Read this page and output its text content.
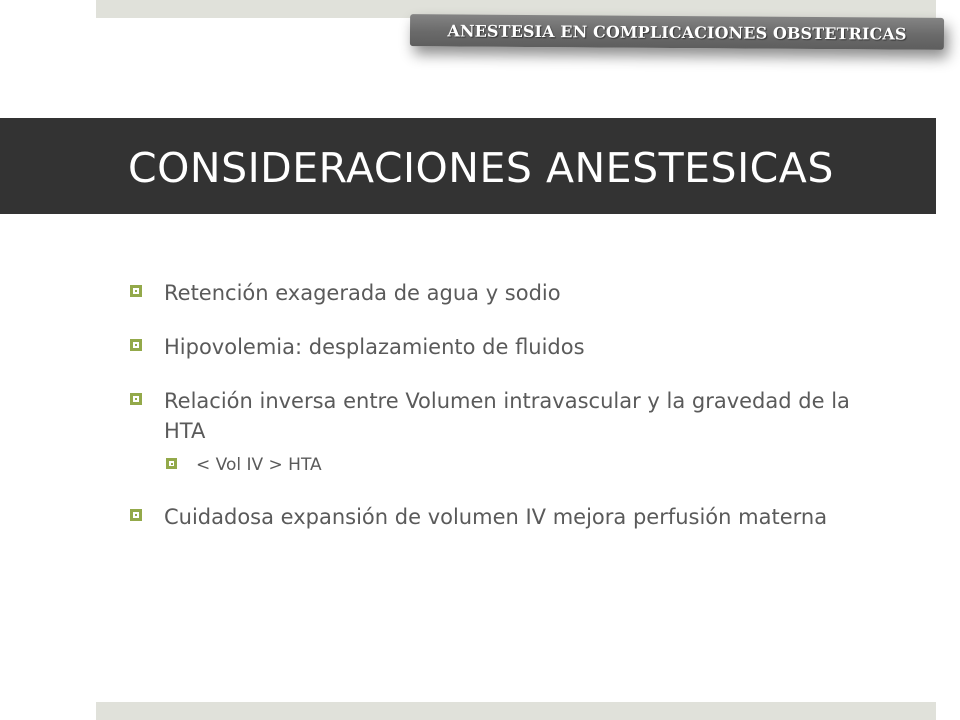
ANESTESIA EN COMPLICACIONES OBSTETRICAS
CONSIDERACIONES ANESTESICAS
Retención exagerada de agua y sodio
Hipovolemia: desplazamiento de fluidos
Relación inversa entre Volumen intravascular y la gravedad de la HTA
< Vol IV > HTA
Cuidadosa expansión de volumen IV mejora perfusión materna
